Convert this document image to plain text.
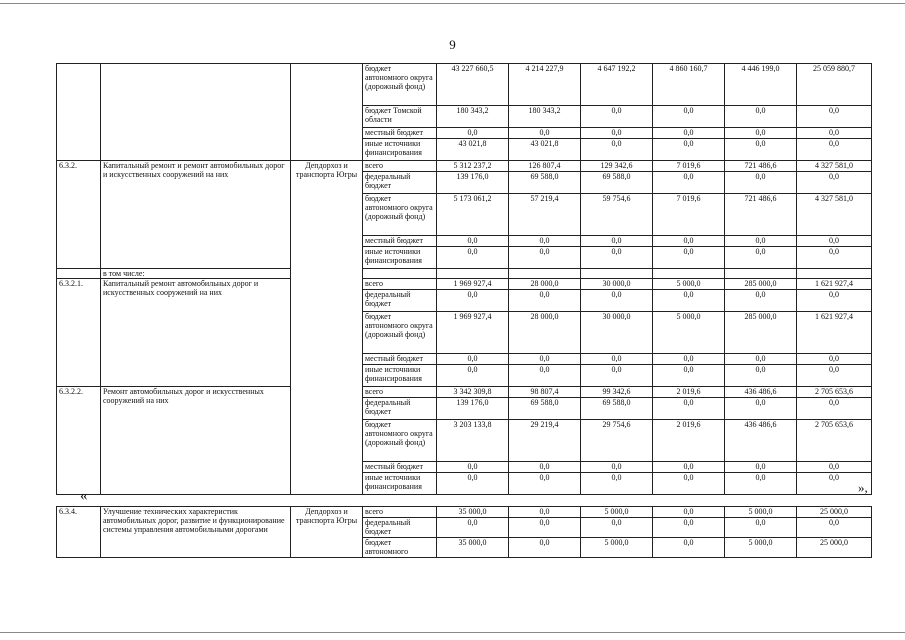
9
			бюджет автономного округа (дорожный фонд)	43 227 660,5	4 214 227,9	4 647 192,2	4 860 160,7	4 446 199,0	25 059 880,7
			бюджет Томской области	180 343,2	180 343,2	0,0	0,0	0,0	0,0
			местный бюджет	0,0	0,0	0,0	0,0	0,0	0,0
			иные источники финансирования	43 021,8	43 021,8	0,0	0,0	0,0	0,0
6.3.2.	Капитальный ремонт и ремонт автомобильных дорог и искусственных сооружений на них	Депдорхоз и транспорта Югры	всего	5 312 237,2	126 807,4	129 342,6	7 019,6	721 486,6	4 327 581,0
			федеральный бюджет	139 176,0	69 588,0	69 588,0	0,0	0,0	0,0
			бюджет автономного округа (дорожный фонд)	5 173 061,2	57 219,4	59 754,6	7 019,6	721 486,6	4 327 581,0
			местный бюджет	0,0	0,0	0,0	0,0	0,0	0,0
			иные источники финансирования	0,0	0,0	0,0	0,0	0,0	0,0
	в том числе:								
6.3.2.1.	Капитальный ремонт автомобильных дорог и искусственных сооружений на них		всего	1 969 927,4	28 000,0	30 000,0	5 000,0	285 000,0	1 621 927,4
			федеральный бюджет	0,0	0,0	0,0	0,0	0,0	0,0
			бюджет автономного округа (дорожный фонд)	1 969 927,4	28 000,0	30 000,0	5 000,0	285 000,0	1 621 927,4
			местный бюджет	0,0	0,0	0,0	0,0	0,0	0,0
			иные источники финансирования	0,0	0,0	0,0	0,0	0,0	0,0
6.3.2.2.	Ремонт автомобильных дорог и искусственных сооружений на них		всего	3 342 309,8	98 807,4	99 342,6	2 019,6	436 486,6	2 705 653,6
			федеральный бюджет	139 176,0	69 588,0	69 588,0	0,0	0,0	0,0
			бюджет автономного округа (дорожный фонд)	3 203 133,8	29 219,4	29 754,6	2 019,6	436 486,6	2 705 653,6
			местный бюджет	0,0	0,0	0,0	0,0	0,0	0,0
			иные источники финансирования	0,0	0,0	0,0	0,0	0,0	0,0
«
»,
6.3.4.	Улучшение технических характеристик автомобильных дорог, развитие и функционирование системы управления автомобильными дорогами	Депдорхоз и транспорта Югры	всего	35 000,0	0,0	5 000,0	0,0	5 000,0	25 000,0
			федеральный бюджет	0,0	0,0	0,0	0,0	0,0	0,0
			бюджет автономного	35 000,0	0,0	5 000,0	0,0	5 000,0	25 000,0
